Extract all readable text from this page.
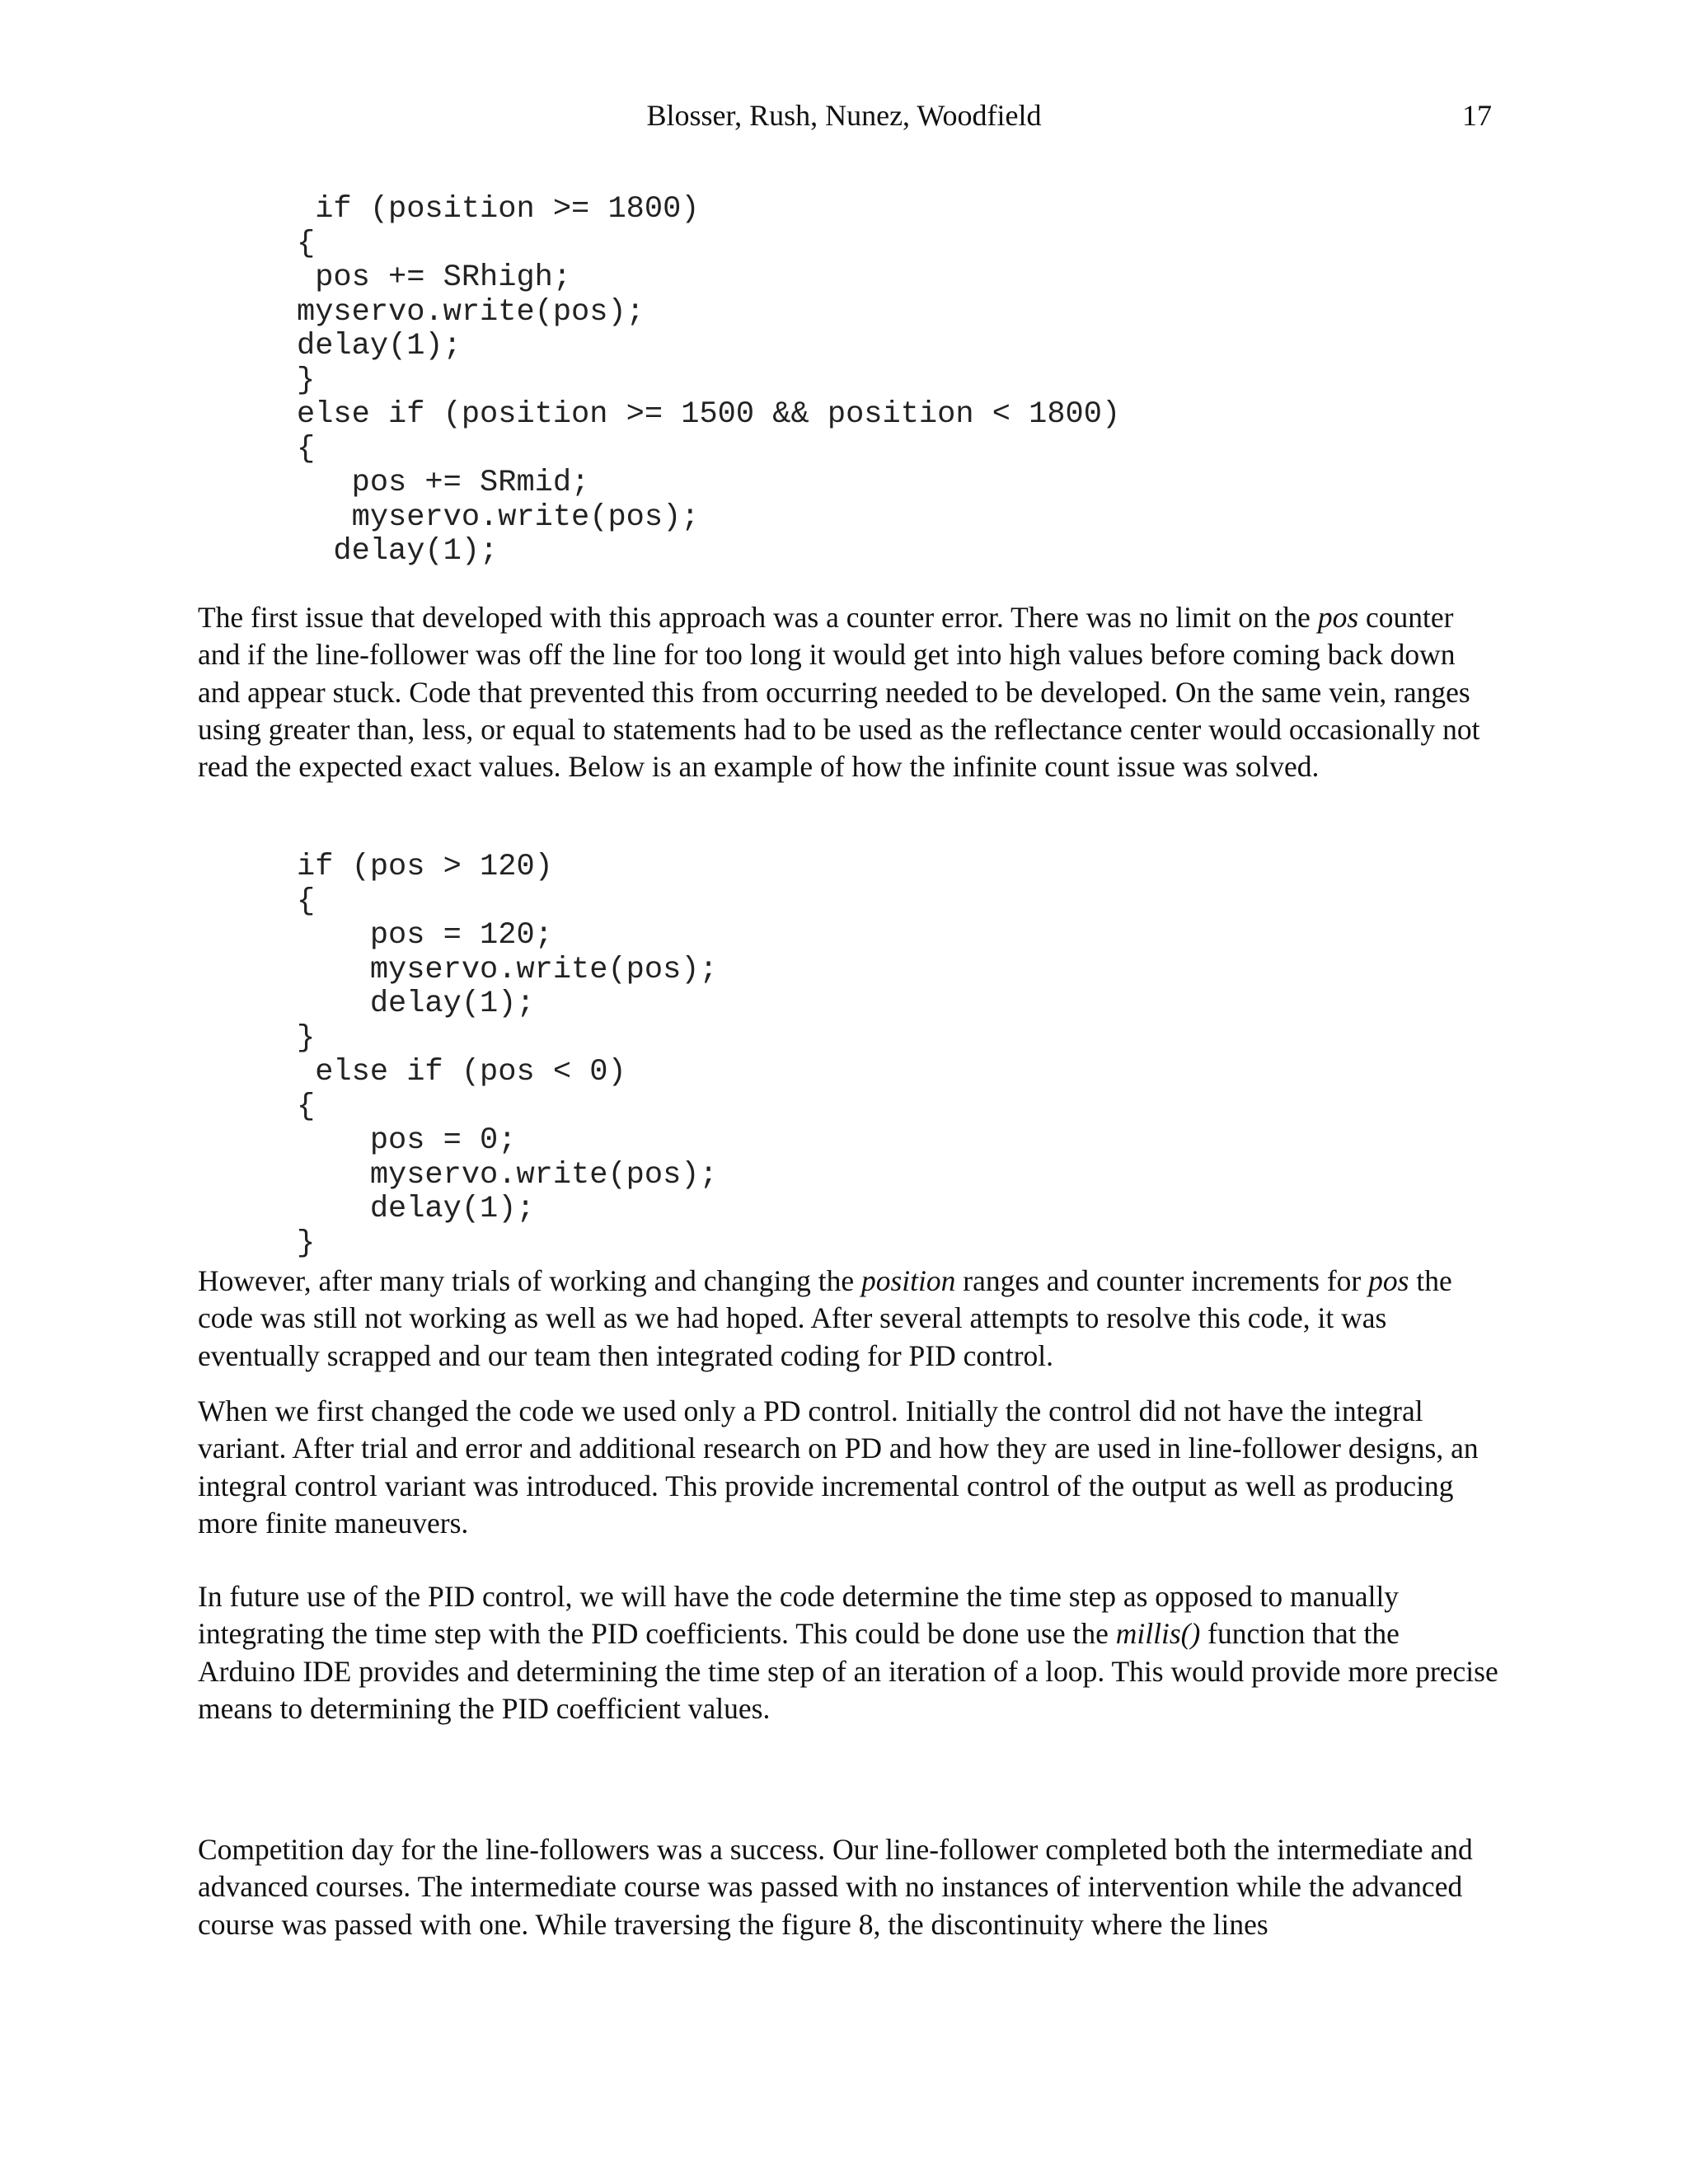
Blosser, Rush, Nunez, Woodfield	17
if (position >= 1800)
{
pos += SRhigh;
myservo.write(pos);
delay(1);
}
else if (position >= 1500 && position < 1800)
{
pos += SRmid;
myservo.write(pos);
delay(1);

The first issue that developed with this approach was a counter error. There was no limit on the pos counter and if the line-follower was off the line for too long it would get into high values before coming back down and appear stuck. Code that prevented this from occurring needed to be developed. On the same vein, ranges using greater than, less, or equal to statements had to be used as the reflectance center would occasionally not read the expected exact values. Below is an example of how the infinite count issue was solved.

if (pos > 120)
{
pos = 120;
myservo.write(pos);
delay(1);
}
else if (pos < 0)
{
pos = 0;
myservo.write(pos);
delay(1);
}

However, after many trials of working and changing the position ranges and counter increments for pos the code was still not working as well as we had hoped. After several attempts to resolve this code, it was eventually scrapped and our team then integrated coding for PID control.

When we first changed the code we used only a PD control. Initially the control did not have the integral variant. After trial and error and additional research on PD and how they are used in line-follower designs, an integral control variant was introduced. This provide incremental control of the output as well as producing more finite maneuvers.

In future use of the PID control, we will have the code determine the time step as opposed to manually integrating the time step with the PID coefficients. This could be done use the millis() function that the Arduino IDE provides and determining the time step of an iteration of a loop. This would provide more precise means to determining the PID coefficient values.

Competition day for the line-followers was a success. Our line-follower completed both the intermediate and advanced courses. The intermediate course was passed with no instances of intervention while the advanced course was passed with one. While traversing the figure 8, the discontinuity where the lines
